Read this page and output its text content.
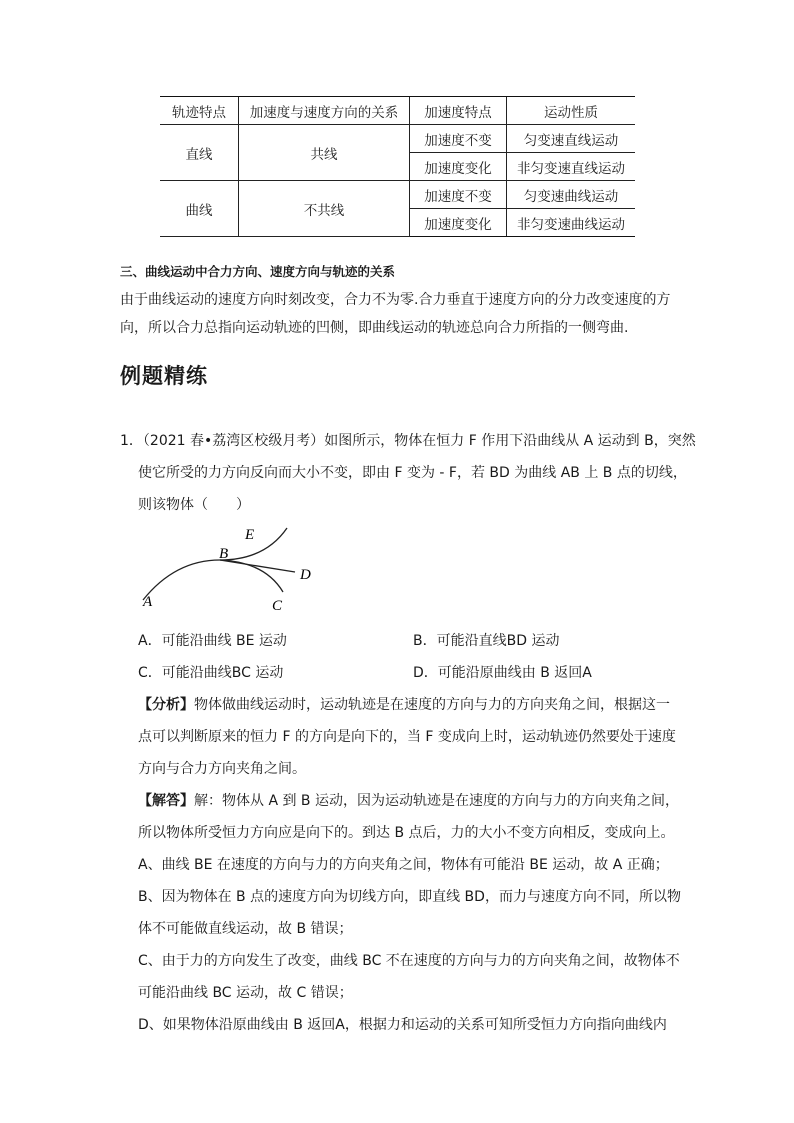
轨迹特点	加速度与速度方向的关系	加速度特点	运动性质
直线	共线	加速度不变	匀变速直线运动
		加速度变化	非匀变速直线运动
曲线	不共线	加速度不变	匀变速曲线运动
		加速度变化	非匀变速曲线运动
三、曲线运动中合力方向、速度方向与轨迹的关系
由于曲线运动的速度方向时刻改变，合力不为零.合力垂直于速度方向的分力改变速度的方
向，所以合力总指向运动轨迹的凹侧，即曲线运动的轨迹总向合力所指的一侧弯曲.
例题精练
1．（2021 春•荔湾区校级月考）如图所示，物体在恒力 F 作用下沿曲线从 A 运动到 B，突然
使它所受的力方向反向而大小不变，即由 F 变为 - F，若 BD 为曲线 AB 上 B 点的切线，
则该物体（　　）
A
B
E
D
C
A．可能沿曲线 BE 运动	B．可能沿直线BD 运动
C．可能沿曲线BC 运动	D．可能沿原曲线由 B 返回A
【分析】物体做曲线运动时，运动轨迹是在速度的方向与力的方向夹角之间，根据这一
点可以判断原来的恒力 F 的方向是向下的，当 F 变成向上时，运动轨迹仍然要处于速度
方向与合力方向夹角之间。
【解答】解：物体从 A 到 B 运动，因为运动轨迹是在速度的方向与力的方向夹角之间，
所以物体所受恒力方向应是向下的。到达 B 点后，力的大小不变方向相反，变成向上。
A、曲线 BE 在速度的方向与力的方向夹角之间，物体有可能沿 BE 运动，故 A 正确；
B、因为物体在 B 点的速度方向为切线方向，即直线 BD，而力与速度方向不同，所以物
体不可能做直线运动，故 B 错误；
C、由于力的方向发生了改变，曲线 BC 不在速度的方向与力的方向夹角之间，故物体不
可能沿曲线 BC 运动，故 C 错误；
D、如果物体沿原曲线由 B 返回A，根据力和运动的关系可知所受恒力方向指向曲线内
